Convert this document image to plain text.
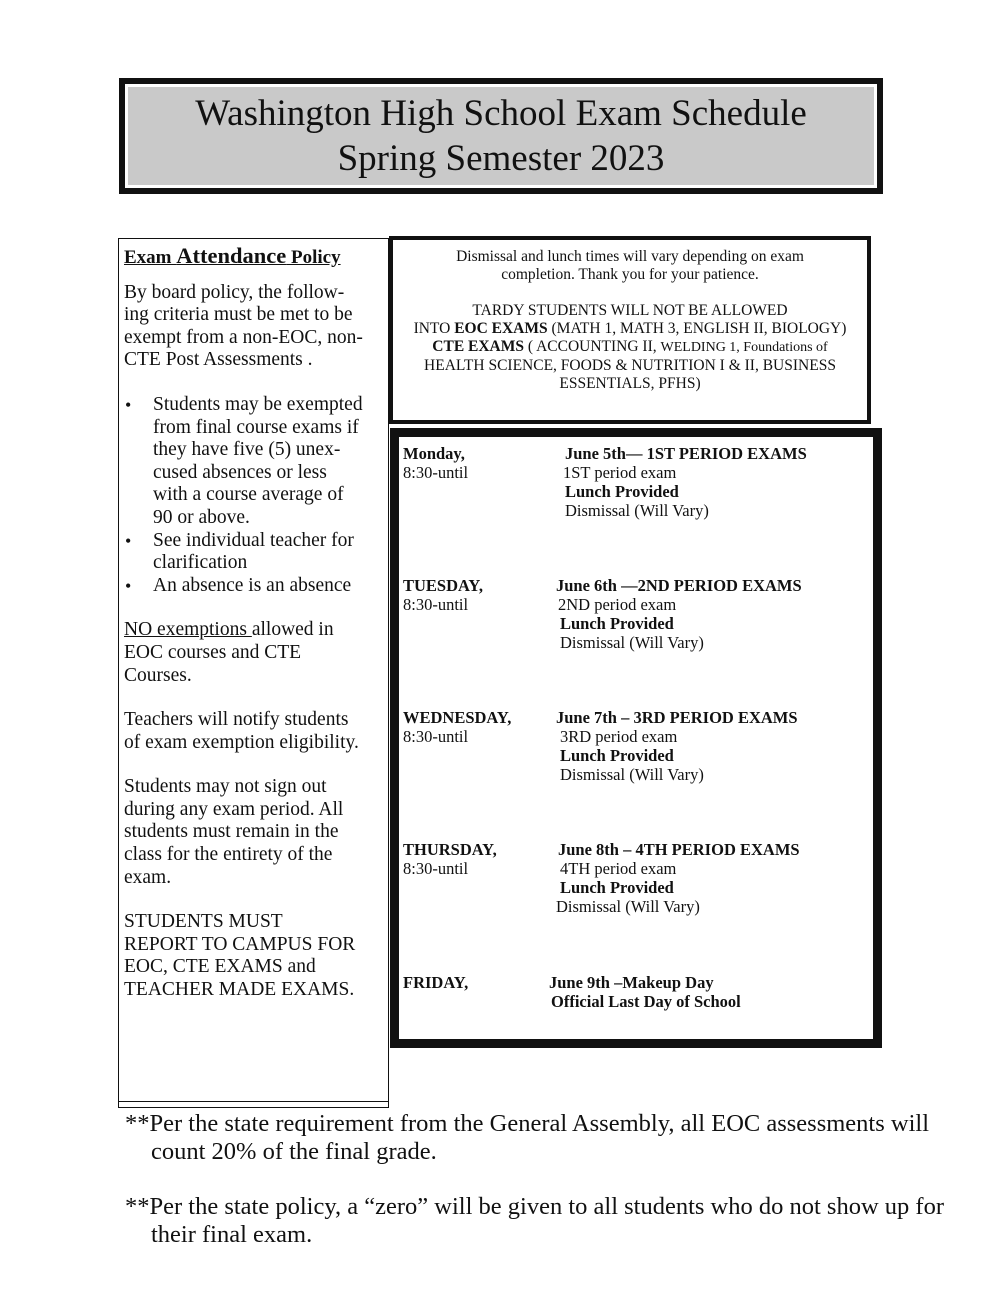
Washington High School Exam Schedule
Spring Semester 2023
Exam Attendance Policy
By board policy, the follow-
ing criteria must be met to be
exempt from a non-EOC, non-
CTE Post Assessments .
• Students may be exempted
from final course exams if
they have five (5) unex-
cused absences or less
with a course average of
90 or above.
• See individual teacher for
clarification
• An absence is an absence
NO exemptions allowed in
EOC courses and CTE
Courses.
Teachers will notify students
of exam exemption eligibility.
Students may not sign out
during any exam period. All
students must remain in the
class for the entirety of the
exam.
STUDENTS MUST
REPORT TO CAMPUS FOR
EOC, CTE EXAMS and
TEACHER MADE EXAMS.

Dismissal and lunch times will vary depending on exam

completion. Thank you for your patience.

TARDY STUDENTS WILL NOT BE ALLOWED

INTO EOC EXAMS (MATH 1, MATH 3, ENGLISH II, BIOLOGY)

CTE EXAMS ( ACCOUNTING II, WELDING 1, Foundations of

HEALTH SCIENCE, FOODS & NUTRITION I & II, BUSINESS

ESSENTIALS, PFHS)

Monday,
8:30-until
June 5th— 1ST PERIOD EXAMS
1ST period exam
Lunch Provided
Dismissal (Will Vary)
TUESDAY,
8:30-until
June 6th —2ND PERIOD EXAMS
2ND period exam
Lunch Provided
Dismissal (Will Vary)
WEDNESDAY,
8:30-until
June 7th – 3RD PERIOD EXAMS
3RD period exam
Lunch Provided
Dismissal (Will Vary)
THURSDAY,
8:30-until
June 8th – 4TH PERIOD EXAMS
4TH period exam
Lunch Provided
Dismissal (Will Vary)
FRIDAY,	June 9th –Makeup Day
Official Last Day of School
**Per the state requirement from the General Assembly, all EOC assessments will count 20% of the final grade.
**Per the state policy, a “zero” will be given to all students who do not show up for their final exam.
